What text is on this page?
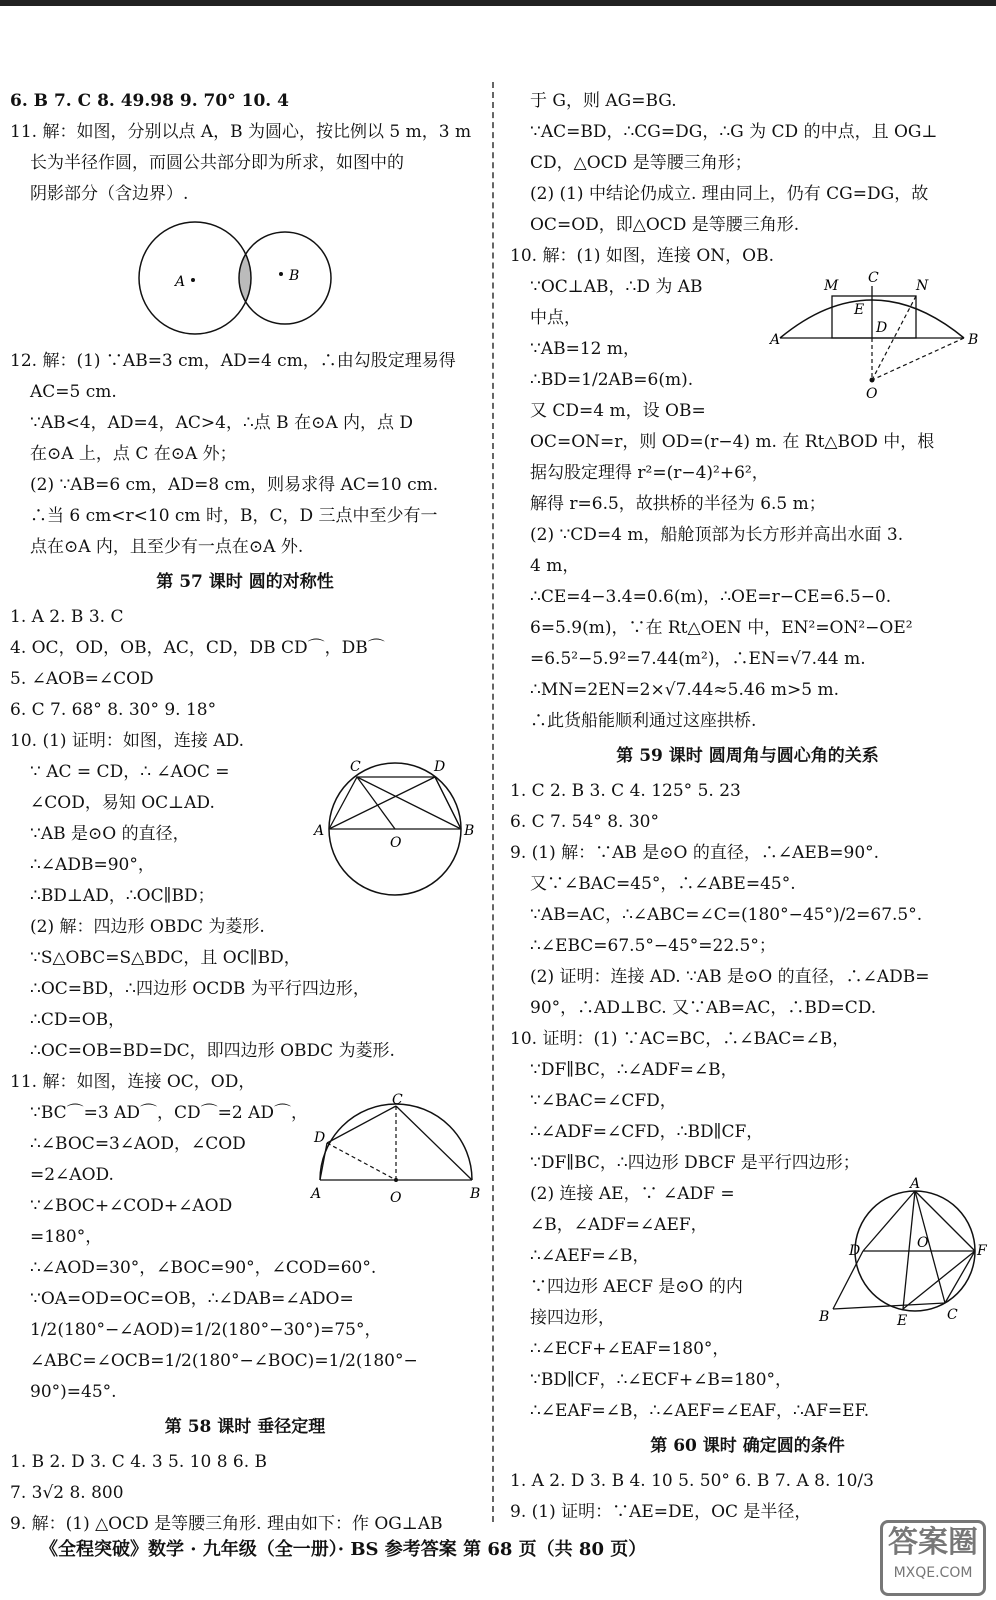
6. B 7. C 8. 49.98 9. 70° 10. 4
11. 解：如图，分别以点 A，B 为圆心，按比例以 5 m，3 m
长为半径作圆，而圆公共部分即为所求，如图中的
阴影部分（含边界）.
A	B
12. 解：(1) ∵AB=3 cm，AD=4 cm，∴由勾股定理易得
AC=5 cm.
∵AB<4，AD=4，AC>4，∴点 B 在⊙A 内，点 D
在⊙A 上，点 C 在⊙A 外；
(2) ∵AB=6 cm，AD=8 cm，则易求得 AC=10 cm.
∴当 6 cm<r<10 cm 时，B，C，D 三点中至少有一
点在⊙A 内，且至少有一点在⊙A 外.
第 57 课时 圆的对称性
1. A 2. B 3. C
4. OC，OD，OB，AC，CD，DB CD⌒，DB⌒
5. ∠AOB=∠COD
6. C 7. 68° 8. 30° 9. 18°
10. (1) 证明：如图，连接 AD.
∵ AC = CD，∴ ∠AOC =
∠COD，易知 OC⊥AD.
∵AB 是⊙O 的直径，
∴∠ADB=90°，
∴BD⊥AD，∴OC∥BD；
C	D
A
O
B
(2) 解：四边形 OBDC 为菱形.
∵S△OBC=S△BDC，且 OC∥BD，
∴OC=BD，∴四边形 OCDB 为平行四边形，
∴CD=OB，
∴OC=OB=BD=DC，即四边形 OBDC 为菱形.
11. 解：如图，连接 OC，OD，
∵BC⌒=3 AD⌒，CD⌒=2 AD⌒，
∴∠BOC=3∠AOD，∠COD
=2∠AOD.
∵∠BOC+∠COD+∠AOD
=180°，
C
D
A	O	B
∴∠AOD=30°，∠BOC=90°，∠COD=60°.
∵OA=OD=OC=OB，∴∠DAB=∠ADO=
1/2(180°−∠AOD)=1/2(180°−30°)=75°，
∠ABC=∠OCB=1/2(180°−∠BOC)=1/2(180°−
90°)=45°.
第 58 课时 垂径定理
1. B 2. D 3. C 4. 3 5. 10 8 6. B
7. 3√2 8. 800
9. 解：(1) △OCD 是等腰三角形. 理由如下：作 OG⊥AB
于 G，则 AG=BG.
∵AC=BD，∴CG=DG，∴G 为 CD 的中点，且 OG⊥
CD，△OCD 是等腰三角形；
(2) (1) 中结论仍成立. 理由同上，仍有 CG=DG，故
OC=OD，即△OCD 是等腰三角形.
10. 解：(1) 如图，连接 ON，OB.
∵OC⊥AB，∴D 为 AB
中点，
∵AB=12 m，
∴BD=1/2AB=6(m).
又 CD=4 m，设 OB=
M C	N
E
D
A	B
O
OC=ON=r，则 OD=(r−4) m. 在 Rt△BOD 中，根
据勾股定理得 r²=(r−4)²+6²，
解得 r=6.5，故拱桥的半径为 6.5 m；
(2) ∵CD=4 m，船舱顶部为长方形并高出水面 3.
4 m，
∴CE=4−3.4=0.6(m)，∴OE=r−CE=6.5−0.
6=5.9(m)，∵在 Rt△OEN 中，EN²=ON²−OE²
=6.5²−5.9²=7.44(m²)，∴EN=√7.44 m.
∴MN=2EN=2×√7.44≈5.46 m>5 m.
∴此货船能顺利通过这座拱桥.
第 59 课时 圆周角与圆心角的关系
1. C 2. B 3. C 4. 125° 5. 23
6. C 7. 54° 8. 30°
9. (1) 解：∵AB 是⊙O 的直径，∴∠AEB=90°.
又∵∠BAC=45°，∴∠ABE=45°.
∵AB=AC，∴∠ABC=∠C=(180°−45°)/2=67.5°.
∴∠EBC=67.5°−45°=22.5°；
(2) 证明：连接 AD. ∵AB 是⊙O 的直径，∴∠ADB=
90°，∴AD⊥BC. 又∵AB=AC，∴BD=CD.
10. 证明：(1) ∵AC=BC，∴∠BAC=∠B，
∵DF∥BC，∴∠ADF=∠B，
∵∠BAC=∠CFD，
∴∠ADF=∠CFD，∴BD∥CF，
∵DF∥BC，∴四边形 DBCF 是平行四边形；
(2) 连接 AE，∵ ∠ADF =
∠B，∠ADF=∠AEF，
∴∠AEF=∠B，
∵四边形 AECF 是⊙O 的内
接四边形，
A
D	O	F
B	E	C
∴∠ECF+∠EAF=180°，
∵BD∥CF，∴∠ECF+∠B=180°，
∴∠EAF=∠B，∴∠AEF=∠EAF，∴AF=EF.
第 60 课时 确定圆的条件
1. A 2. D 3. B 4. 10 5. 50° 6. B 7. A 8. 10/3
9. (1) 证明：∵AE=DE，OC 是半径，
《全程突破》数学 · 九年级（全一册）· BS 参考答案 第 68 页（共 80 页）	答案圈
MXQE.COM
